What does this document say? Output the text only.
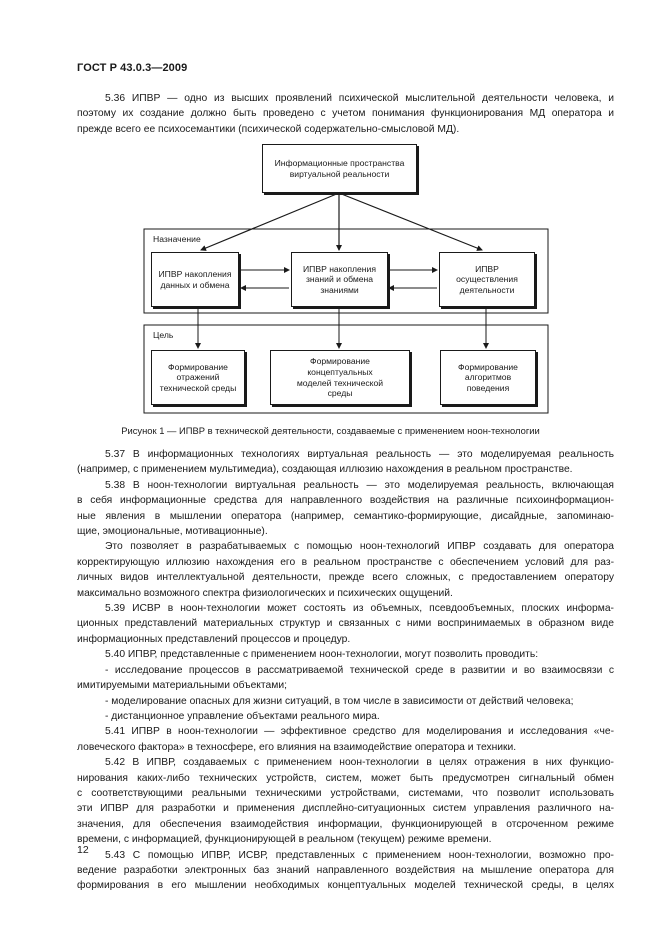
ГОСТ Р 43.0.3—2009
5.36 ИПВР — одно из высших проявлений психической мыслительной деятельности человека, и
поэтому их создание должно быть проведено с учетом понимания функционирования МД оператора и
прежде всего ее психосемантики (психической содержательно-смысловой МД).
Информационные пространства виртуальной реальности
Назначение
Цель
ИПВР накопления данных и обмена
ИПВР накопления знаний и обмена знаниями
ИПВР осуществления деятельности
Формирование отражений технической среды
Формирование концептуальных моделей технической среды
Формирование алгоритмов поведения
Рисунок 1 — ИПВР в технической деятельности, создаваемые с применением ноон-технологии
5.37 В информационных технологиях виртуальная реальность — это моделируемая реальность
(например, с применением мультимедиа), создающая иллюзию нахождения в реальном пространстве.
5.38 В ноон-технологии виртуальная реальность — это моделируемая реальность, включающая
в себя информационные средства для направленного воздействия на различные психоинформацион-
ные явления в мышлении оператора (например, семантико-формирующие, дисайдные, запоминаю-
щие, эмоциональные, мотивационные).
Это позволяет в разрабатываемых с помощью ноон-технологий ИПВР создавать для оператора
корректирующую иллюзию нахождения его в реальном пространстве с обеспечением условий для раз-
личных видов интеллектуальной деятельности, прежде всего сложных, с предоставлением оператору
максимально возможного спектра физиологических и психических ощущений.
5.39 ИСВР в ноон-технологии может состоять из объемных, псевдообъемных, плоских информа-
ционных представлений материальных структур и связанных с ними воспринимаемых в образном виде
информационных представлений процессов и процедур.
5.40 ИПВР, представленные с применением ноон-технологии, могут позволить проводить:
- исследование процессов в рассматриваемой технической среде в развитии и во взаимосвязи с
имитируемыми материальными объектами;
- моделирование опасных для жизни ситуаций, в том числе в зависимости от действий человека;
- дистанционное управление объектами реального мира.
5.41 ИПВР в ноон-технологии — эффективное средство для моделирования и исследования «че-
ловеческого фактора» в техносфере, его влияния на взаимодействие оператора и техники.
5.42 В ИПВР, создаваемых с применением ноон-технологии в целях отражения в них функцио-
нирования каких-либо технических устройств, систем, может быть предусмотрен сигнальный обмен
с соответствующими реальными техническими устройствами, системами, что позволит использовать
эти ИПВР для разработки и применения дисплейно-ситуационных систем управления различного на-
значения, для обеспечения взаимодействия информации, функционирующей в отсроченном режиме
времени, с информацией, функционирующей в реальном (текущем) режиме времени.
5.43 С помощью ИПВР, ИСВР, представленных с применением ноон-технологии, возможно про-
ведение разработки электронных баз знаний направленного воздействия на мышление оператора для
формирования в его мышлении необходимых концептуальных моделей технической среды, в целях
12
